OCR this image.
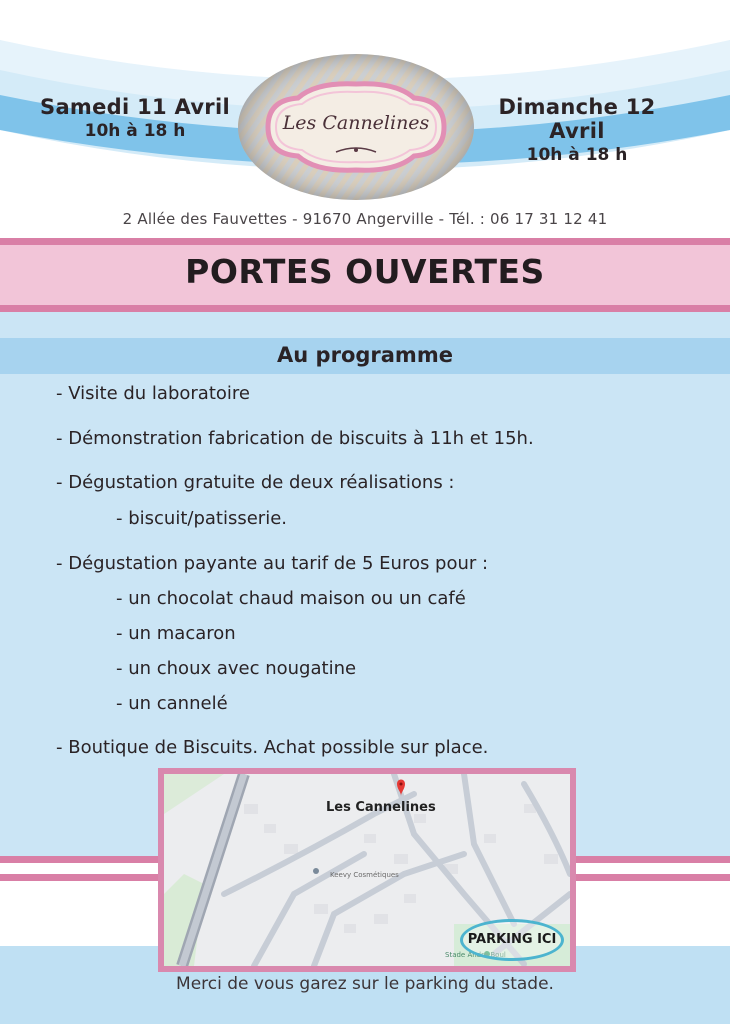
Samedi 11 Avril
10h à 18 h
Dimanche 12 Avril
10h à 18 h
Les Cannelines
2 Allée des Fauvettes - 91670 Angerville - Tél. : 06 17 31 12 41
PORTES OUVERTES
Au programme
- Visite du laboratoire
- Démonstration fabrication de biscuits à 11h et 15h.
- Dégustation gratuite de deux réalisations :
- biscuit/patisserie.
- Dégustation payante au tarif de 5 Euros pour :
- un chocolat chaud maison ou un café
- un macaron
- un choux avec nougatine
- un cannelé
- Boutique de Biscuits. Achat possible sur place.
Les Cannelines
Keevy Cosmétiques
Stade André Boul
PARKING ICI
Merci de vous garez sur le parking du stade.
